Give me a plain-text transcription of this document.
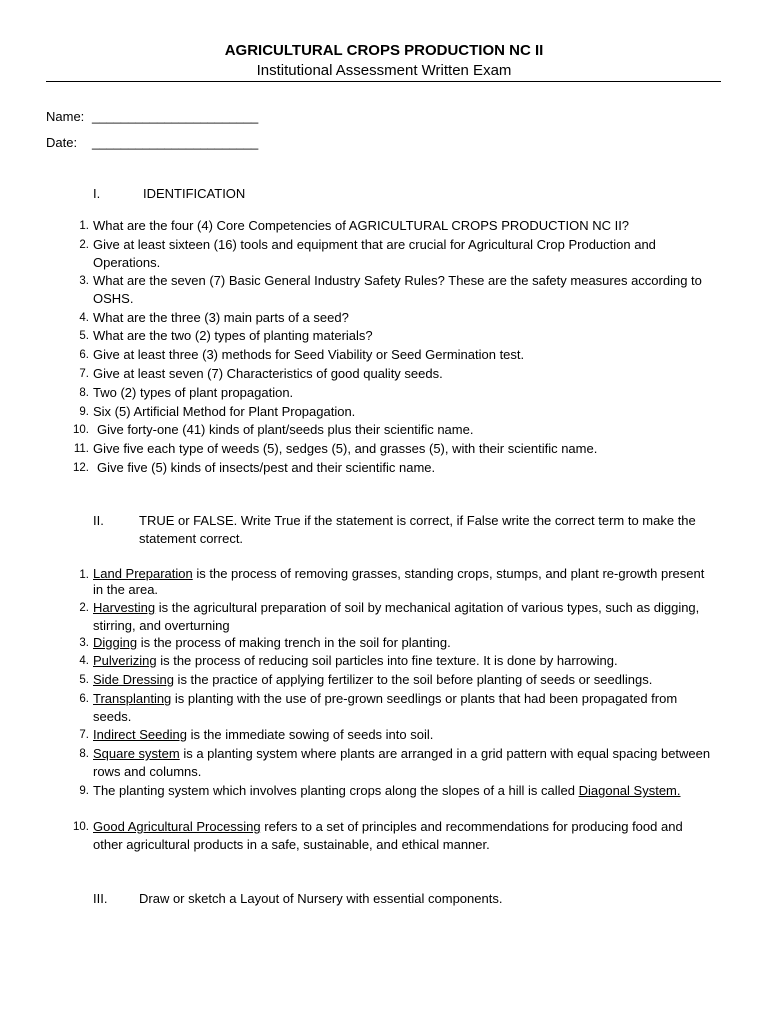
AGRICULTURAL CROPS PRODUCTION NC II
Institutional Assessment Written Exam
Name: _______________________
Date: _______________________
I.	IDENTIFICATION
1. What are the four (4) Core Competencies of AGRICULTURAL CROPS PRODUCTION NC II?
2. Give at least sixteen (16) tools and equipment that are crucial for Agricultural Crop Production and Operations.
3. What are the seven (7) Basic General Industry Safety Rules? These are the safety measures according to OSHS.
4. What are the three (3) main parts of a seed?
5. What are the two (2) types of planting materials?
6. Give at least three (3) methods for Seed Viability or Seed Germination test.
7. Give at least seven (7) Characteristics of good quality seeds.
8. Two (2) types of plant propagation.
9. Six (5) Artificial Method for Plant Propagation.
10. Give forty-one (41) kinds of plant/seeds plus their scientific name.
11. Give five each type of weeds (5), sedges (5), and grasses (5), with their scientific name.
12. Give five (5) kinds of insects/pest and their scientific name.
II.	TRUE or FALSE. Write True if the statement is correct, if False write the correct term to make the statement correct.
1. Land Preparation is the process of removing grasses, standing crops, stumps, and plant re-growth present in the area.
2. Harvesting is the agricultural preparation of soil by mechanical agitation of various types, such as digging, stirring, and overturning
3. Digging is the process of making trench in the soil for planting.
4. Pulverizing is the process of reducing soil particles into fine texture. It is done by harrowing.
5. Side Dressing is the practice of applying fertilizer to the soil before planting of seeds or seedlings.
6. Transplanting is planting with the use of pre-grown seedlings or plants that had been propagated from seeds.
7. Indirect Seeding is the immediate sowing of seeds into soil.
8. Square system is a planting system where plants are arranged in a grid pattern with equal spacing between rows and columns.
9. The planting system which involves planting crops along the slopes of a hill is called Diagonal System.
10. Good Agricultural Processing refers to a set of principles and recommendations for producing food and other agricultural products in a safe, sustainable, and ethical manner.
III. Draw or sketch a Layout of Nursery with essential components.
